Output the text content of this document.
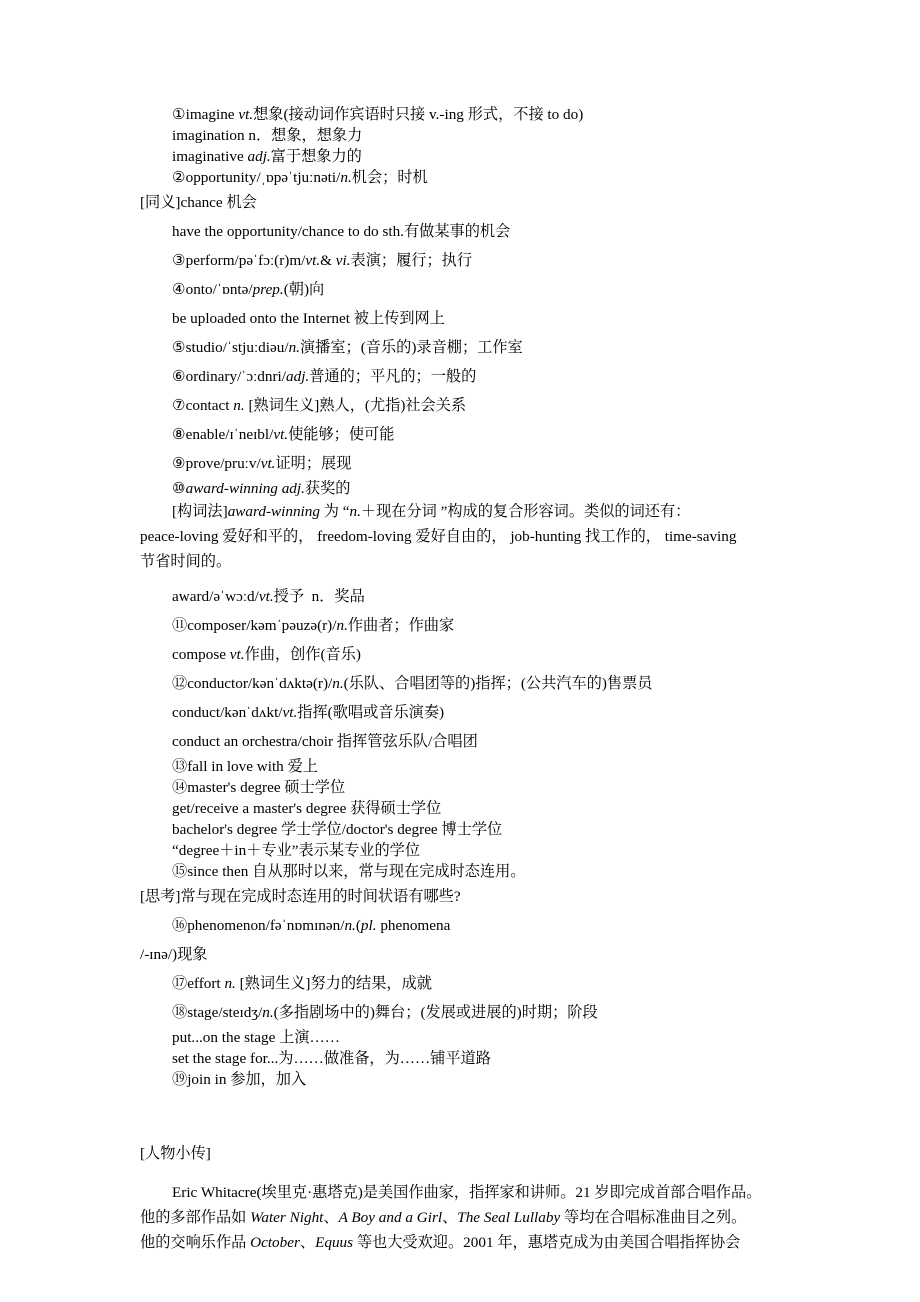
①imagine vt.想象(接动词作宾语时只接 v.-ing 形式，不接 to do)

imagination n．想象，想象力

imaginative adj.富于想象力的

②opportunity/ˌɒpəˈtjuːnəti/n.机会；时机

[同义]chance 机会

have the opportunity/chance to do sth.有做某事的机会

③perform/pəˈfɔː(r)m/vt.& vi.表演；履行；执行

④onto/ˈɒntə/prep.(朝)向

be uploaded onto the Internet 被上传到网上

⑤studio/ˈstjuːdiəu/n.演播室；(音乐的)录音棚；工作室

⑥ordinary/ˈɔːdnri/adj.普通的；平凡的；一般的

⑦contact n. [熟词生义]熟人，(尤指)社会关系

⑧enable/ɪˈneɪbl/vt.使能够；使可能

⑨prove/pruːv/vt.证明；展现

⑩award-winning adj.获奖的

[构词法]award-winning 为 “n.＋现在分词 ”构成的复合形容词。类似的词还有：

peace-loving 爱好和平的， freedom-loving 爱好自由的， job-hunting 找工作的， time-saving

节省时间的。

award/əˈwɔːd/vt.授予  n．奖品

⑪composer/kəmˈpəuzə(r)/n.作曲者；作曲家

compose vt.作曲，创作(音乐)

⑫conductor/kənˈdʌktə(r)/n.(乐队、合唱团等的)指挥；(公共汽车的)售票员

conduct/kənˈdʌkt/vt.指挥(歌唱或音乐演奏)

conduct an orchestra/choir 指挥管弦乐队/合唱团

⑬fall in love with 爱上

⑭master's degree 硕士学位

get/receive a master's degree 获得硕士学位

bachelor's degree 学士学位/doctor's degree 博士学位

“degree＋in＋专业”表示某专业的学位

⑮since then 自从那时以来，常与现在完成时态连用。

[思考]常与现在完成时态连用的时间状语有哪些?

⑯phenomenon/fəˈnɒmɪnən/n.(pl. phenomena

/-ɪnə/)现象

⑰effort n. [熟词生义]努力的结果，成就

⑱stage/steɪdʒ/n.(多指剧场中的)舞台；(发展或进展的)时期；阶段

put...on the stage 上演……

set the stage for...为……做准备，为……铺平道路

⑲join in 参加，加入

[人物小传]

Eric Whitacre(埃里克·惠塔克)是美国作曲家，指挥家和讲师。21 岁即完成首部合唱作品。

他的多部作品如 Water Night、A Boy and a Girl、The Seal Lullaby 等均在合唱标准曲目之列。

他的交响乐作品 October、Equus 等也大受欢迎。2001 年，惠塔克成为由美国合唱指挥协会
